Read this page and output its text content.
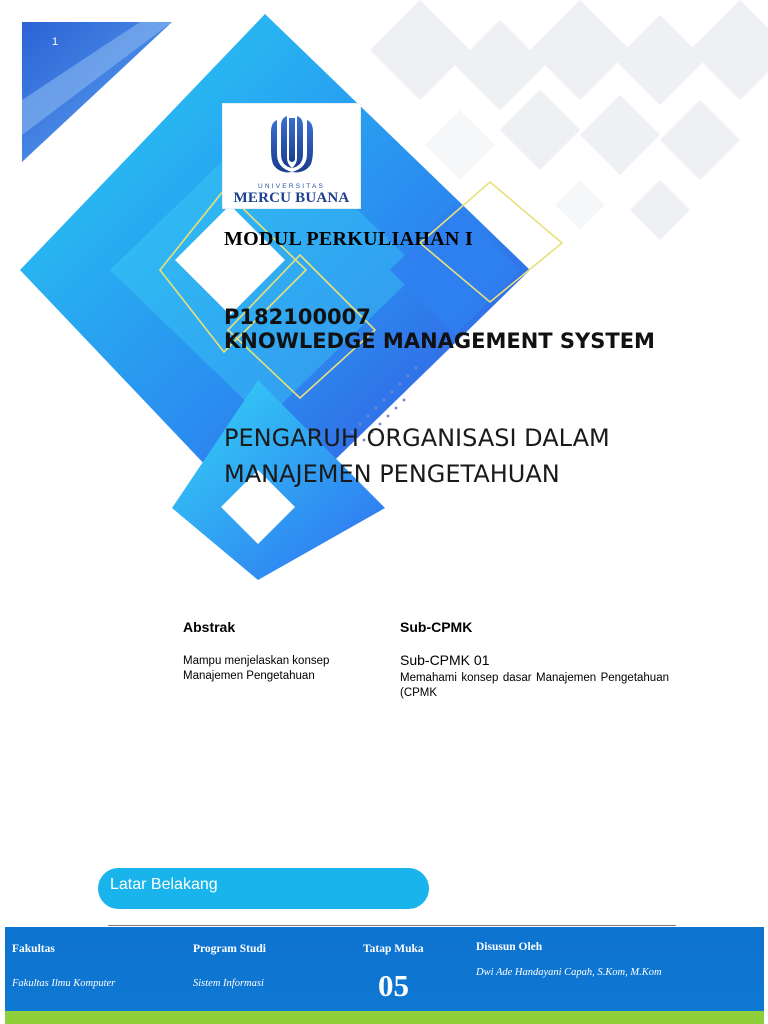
1
UNIVERSITAS
MERCU BUANA
MODUL PERKULIAHAN I
P182100007
KNOWLEDGE MANAGEMENT SYSTEM
PENGARUH ORGANISASI DALAM
MANAJEMEN PENGETAHUAN
Abstrak
Mampu menjelaskan konsep Manajemen Pengetahuan
Sub-CPMK
Sub-CPMK 01
Memahami konsep dasar Manajemen Pengetahuan (CPMK
Latar Belakang
Fakultas
Fakultas Ilmu Komputer
Program Studi
Sistem Informasi
Tatap Muka
05
Disusun Oleh
Dwi Ade Handayani Capah, S.Kom, M.Kom
